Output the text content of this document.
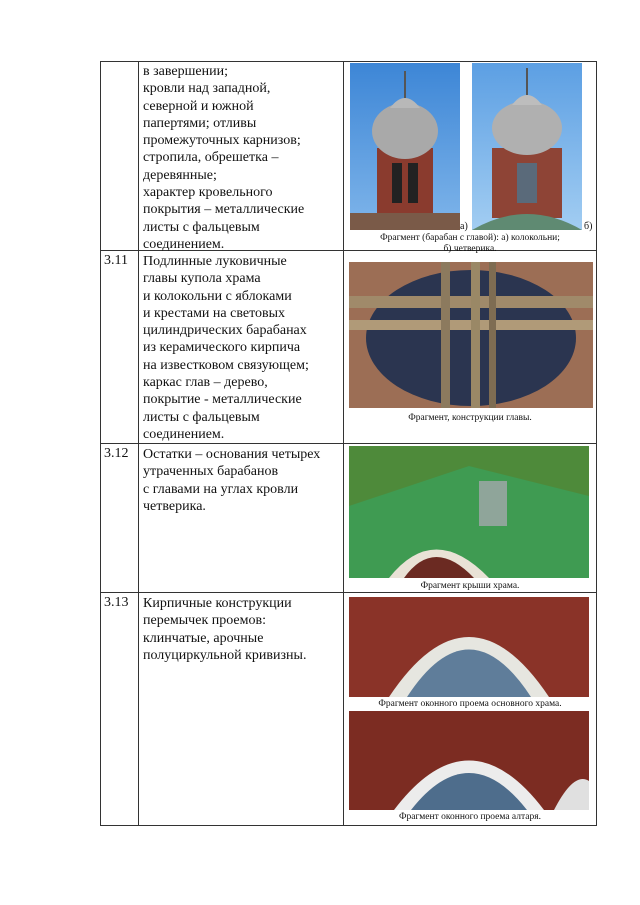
в завершении;
кровли над западной,
северной и южной
папертями; отливы
промежуточных карнизов;
стропила, обрешетка –
деревянные;
характер кровельного
покрытия – металлические
листы с фальцевым
соединением.
а)	б)
Фрагмент (барабан с главой): а) колокольни;
б) четверика.
3.11 Подлинные луковичные
главы купола храма
и колокольни с яблоками
и крестами на световых
цилиндрических барабанах
из керамического кирпича
на известковом связующем;
каркас глав – дерево,
покрытие - металлические
листы с фальцевым
соединением.
Фрагмент, конструкции главы.
3.12 Остатки – основания четырех
утраченных барабанов
с главами на углах кровли
четверика.
Фрагмент крыши храма.
3.13 Кирпичные конструкции
перемычек проемов:
клинчатые, арочные
полуциркульной кривизны.
Фрагмент оконного проема основного храма.
Фрагмент оконного проема алтаря.
